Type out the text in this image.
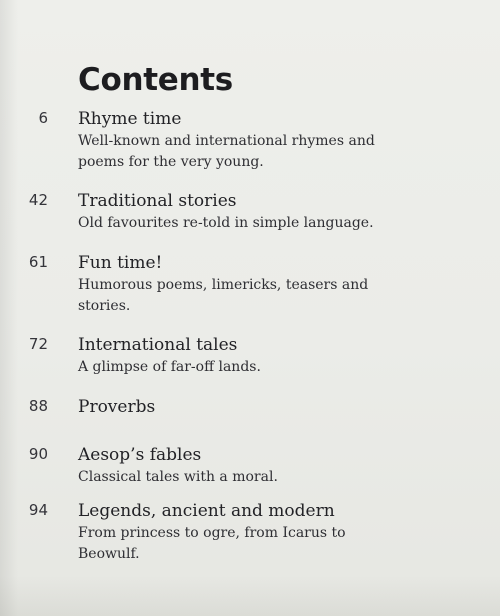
Contents
6 Rhyme time
Well-known and international rhymes and
poems for the very young.
42 Traditional stories
Old favourites re-told in simple language.
61 Fun time!
Humorous poems, limericks, teasers and
stories.
72 International tales
A glimpse of far-off lands.
88 Proverbs
90 Aesop’s fables
Classical tales with a moral.
94 Legends, ancient and modern
From princess to ogre, from Icarus to
Beowulf.
